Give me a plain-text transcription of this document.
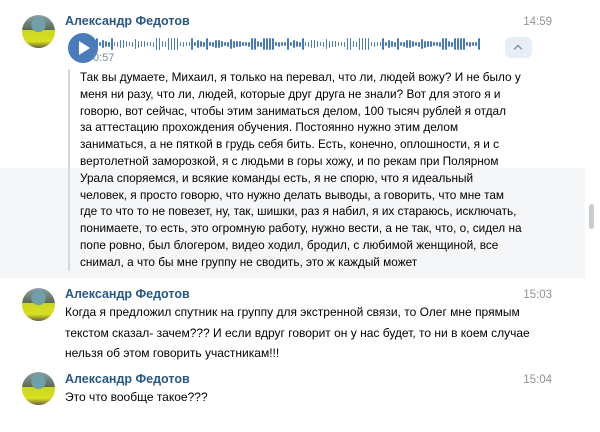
Александр Федотов	14:59
0:57
Так вы думаете, Михаил, я только на перевал, что ли, людей вожу? И не было у
меня ни разу, что ли, людей, которые друг друга не знали? Вот для этого я и
говорю, вот сейчас, чтобы этим заниматься делом, 100 тысяч рублей я отдал
за аттестацию прохождения обучения. Постоянно нужно этим делом
заниматься, а не пяткой в грудь себя бить. Есть, конечно, оплошности, я и с
вертолетной заморозкой, я с людьми в горы хожу, и по рекам при Полярном
Урала споряемся, и всякие команды есть, я не спорю, что я идеальный
человек, я просто говорю, что нужно делать выводы, а говорить, что мне там
где то что то не повезет, ну, так, шишки, раз я набил, я их стараюсь, исключать,
понимаете, то есть, это огромную работу, нужно вести, а не так, что, о, сидел на
попе ровно, был блогером, видео ходил, бродил, с любимой женщиной, все
снимал, а что бы мне группу не сводить, это ж каждый может
Александр Федотов	15:03
Когда я предложил спутник на группу для экстренной связи, то Олег мне прямым
текстом сказал- зачем??? И если вдруг говорит он у нас будет, то ни в коем случае
нельзя об этом говорить участникам!!!
Александр Федотов	15:04
Это что вообще такое???
